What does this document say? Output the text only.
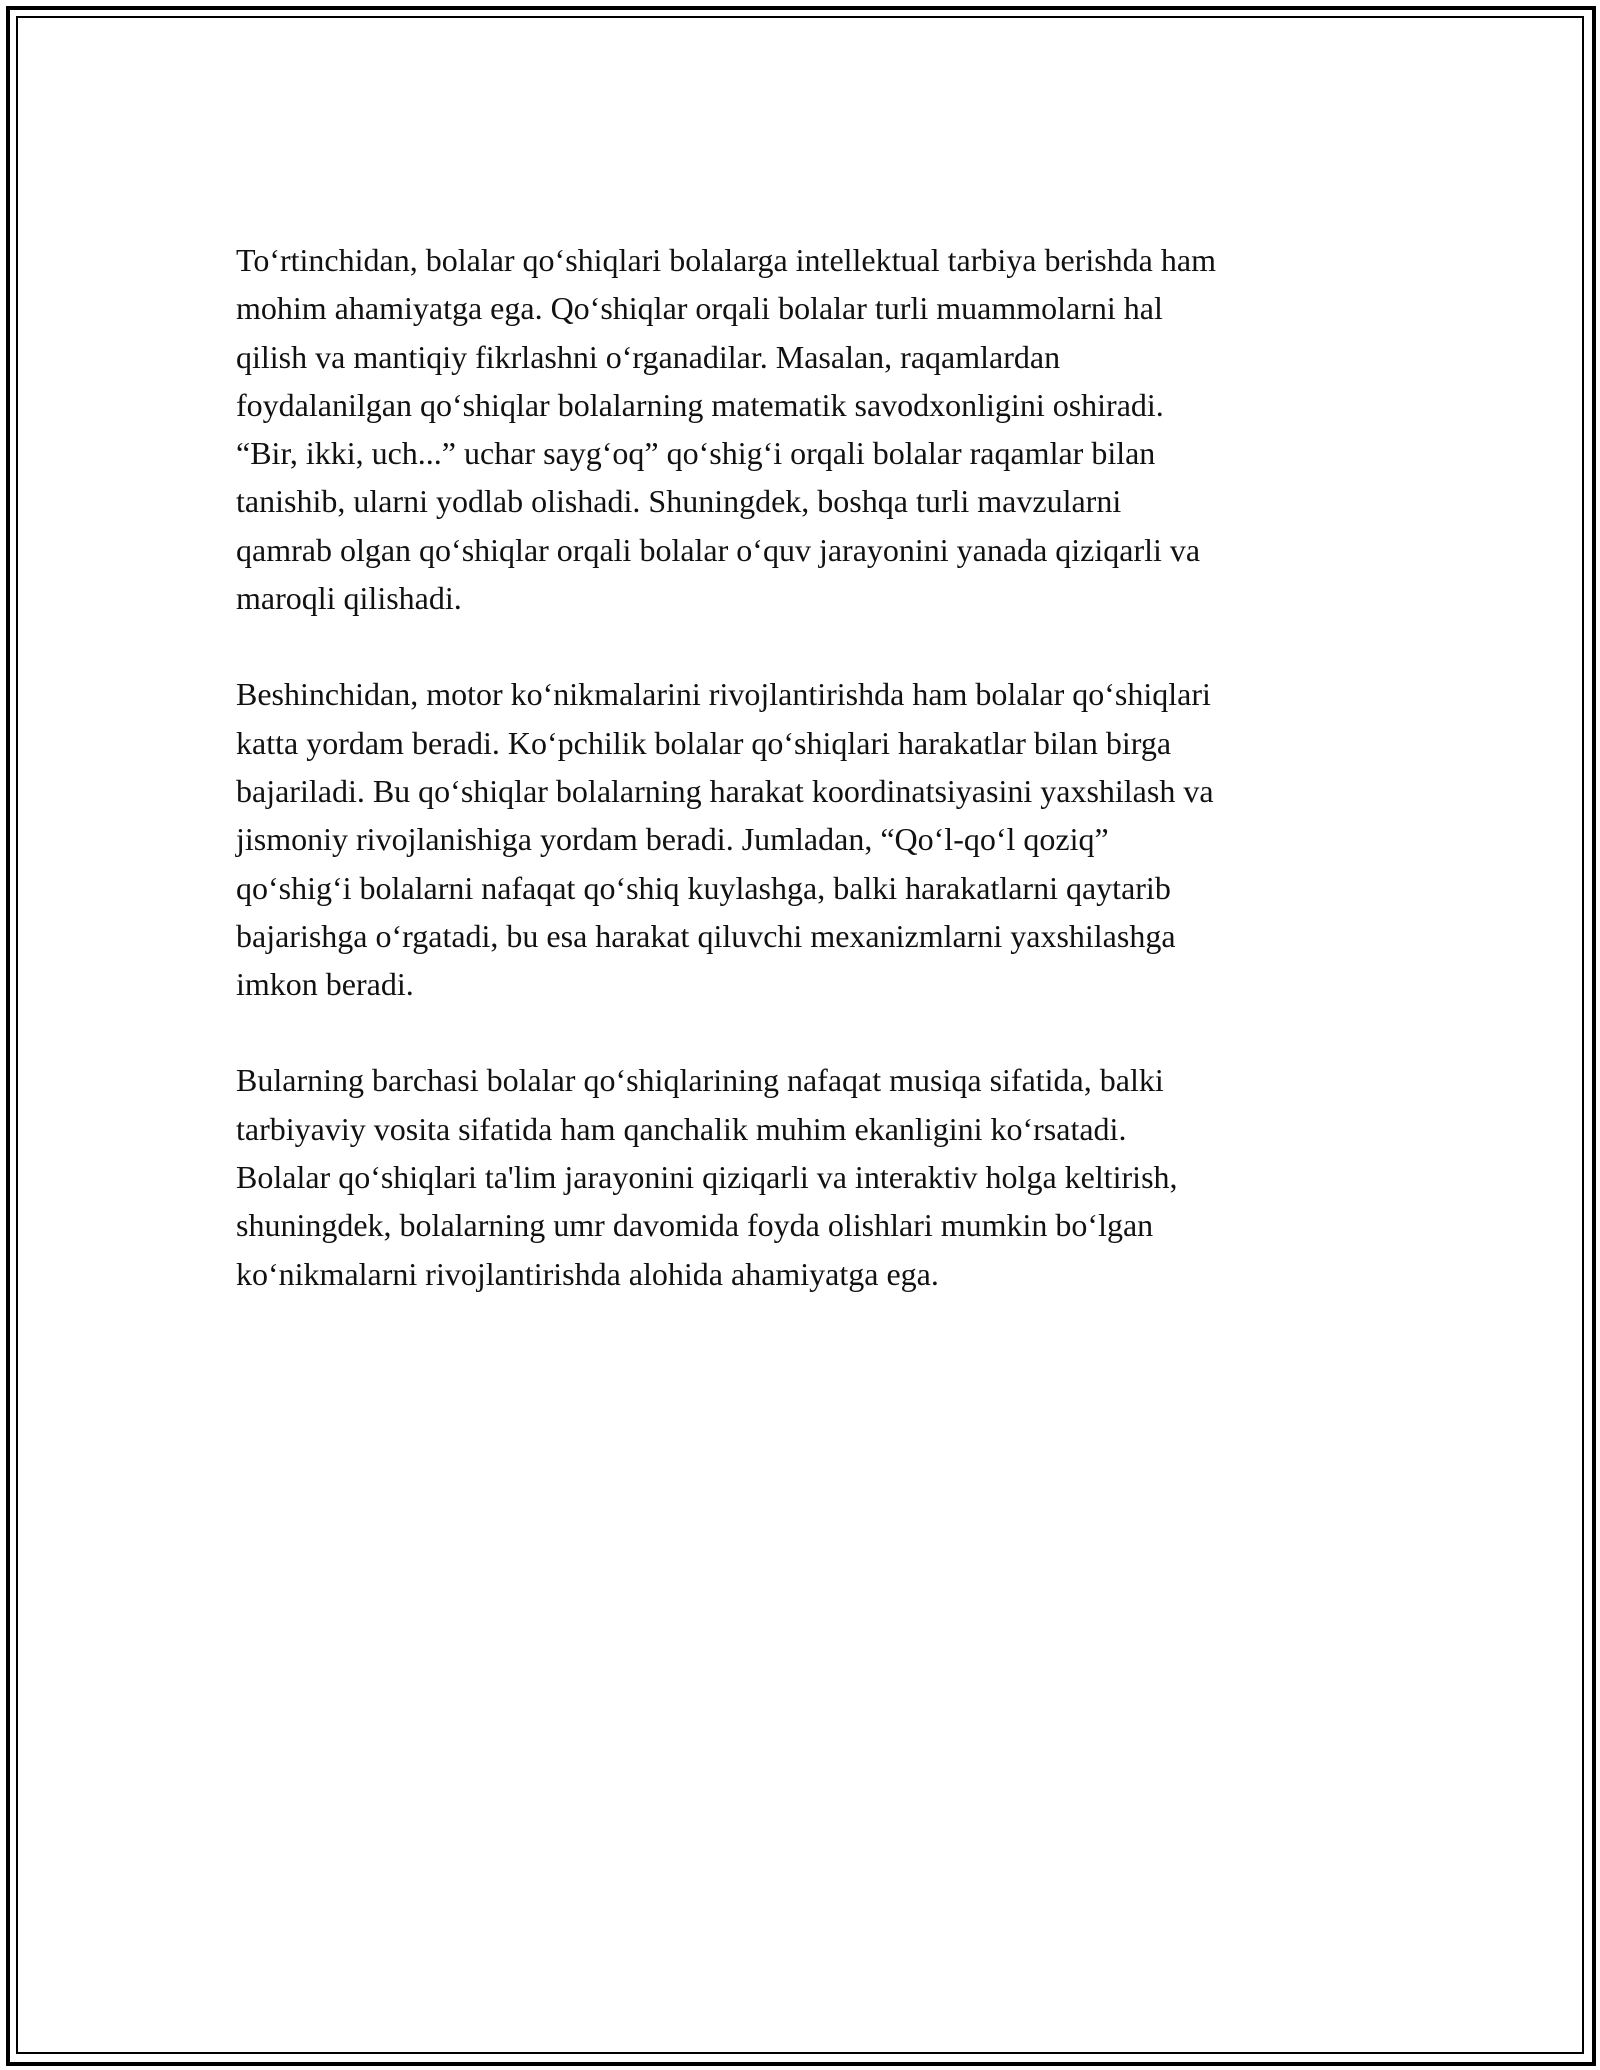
To‘rtinchidan, bolalar qo‘shiqlari bolalarga intellektual tarbiya berishda ham
mohim ahamiyatga ega. Qo‘shiqlar orqali bolalar turli muammolarni hal
qilish va mantiqiy fikrlashni o‘rganadilar. Masalan, raqamlardan
foydalanilgan qo‘shiqlar bolalarning matematik savodxonligini oshiradi.
“Bir, ikki, uch...” uchar sayg‘oq” qo‘shig‘i orqali bolalar raqamlar bilan
tanishib, ularni yodlab olishadi. Shuningdek, boshqa turli mavzularni
qamrab olgan qo‘shiqlar orqali bolalar o‘quv jarayonini yanada qiziqarli va
maroqli qilishadi.

Beshinchidan, motor ko‘nikmalarini rivojlantirishda ham bolalar qo‘shiqlari
katta yordam beradi. Ko‘pchilik bolalar qo‘shiqlari harakatlar bilan birga
bajariladi. Bu qo‘shiqlar bolalarning harakat koordinatsiyasini yaxshilash va
jismoniy rivojlanishiga yordam beradi. Jumladan, “Qo‘l-qo‘l qoziq”
qo‘shig‘i bolalarni nafaqat qo‘shiq kuylashga, balki harakatlarni qaytarib
bajarishga o‘rgatadi, bu esa harakat qiluvchi mexanizmlarni yaxshilashga
imkon beradi.

Bularning barchasi bolalar qo‘shiqlarining nafaqat musiqa sifatida, balki
tarbiyaviy vosita sifatida ham qanchalik muhim ekanligini ko‘rsatadi.
Bolalar qo‘shiqlari ta'lim jarayonini qiziqarli va interaktiv holga keltirish,
shuningdek, bolalarning umr davomida foyda olishlari mumkin bo‘lgan
ko‘nikmalarni rivojlantirishda alohida ahamiyatga ega.
